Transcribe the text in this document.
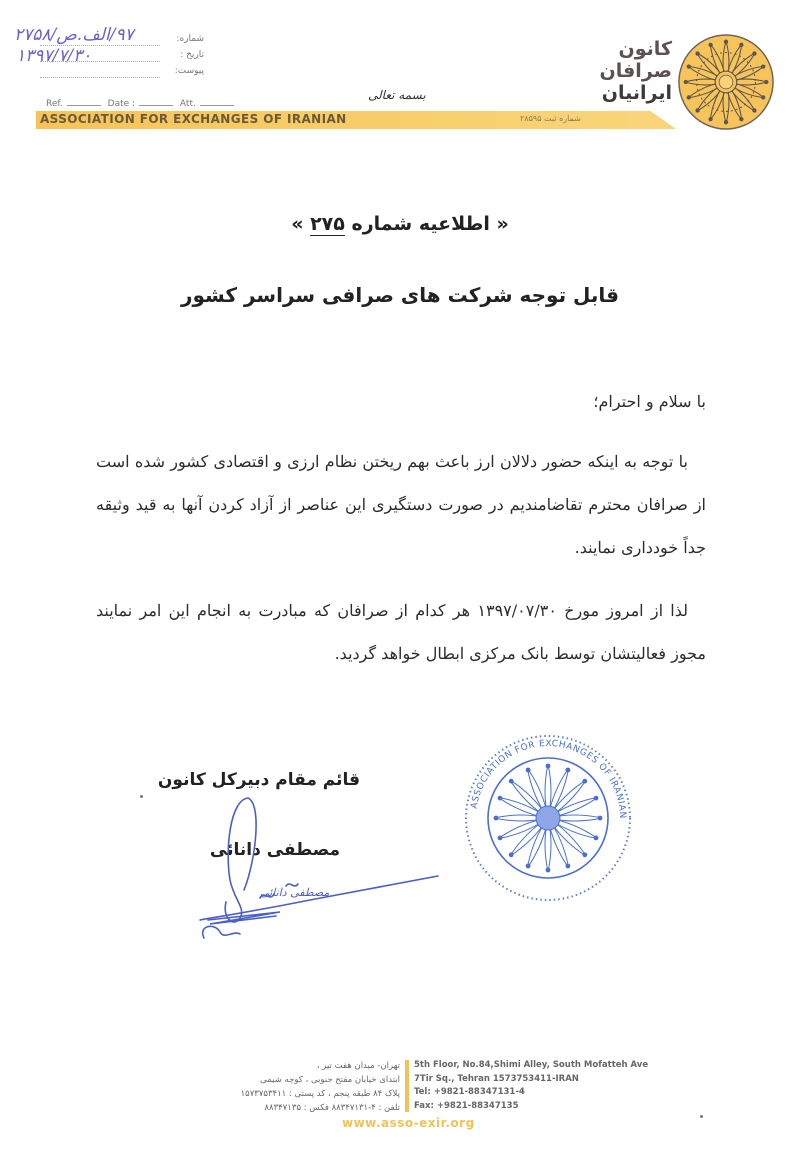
۹۷/الف.ص/۲۷۵۸
۱۳۹۷/۷/۳۰
شماره:
تاریخ :
پیوست:
Ref.	Date :	Att.
ASSOCIATION FOR EXCHANGES OF IRANIAN	شماره ثبت ۲۸۵۹۵
بسمه تعالی
کانون
صرافان
ایرانیان
« اطلاعیه شماره ۲۷۵ »
قابل توجه شرکت های صرافی سراسر کشور
با سلام و احترام؛
با توجه به اینکه حضور دلالان ارز باعث بهم ریختن نظام ارزی و اقتصادی کشور شده است از صرافان محترم تقاضامندیم در صورت دستگیری این عناصر از آزاد کردن آنها به قید وثیقه جداً خودداری نمایند.
لذا از امروز مورخ ۱۳۹۷/۰۷/۳۰ هر کدام از صرافان که مبادرت به انجام این امر نمایند مجوز فعالیتشان توسط بانک مرکزی ابطال خواهد گردید.
قائم مقام دبیرکل کانون
مصطفی دانائی
مصطفی دانائی
ASSOCIATION FOR EXCHANGES OF IRANIAN
تهران- میدان هفت تیر ،
ابتدای خیابان مفتح جنوبی ، کوچه شیمی
پلاک ۸۴ طبقه پنجم ، کد پستی : ۱۵۷۳۷۵۳۴۱۱
تلفن : ۴-۸۸۳۴۷۱۳۱ فکس : ۸۸۳۴۷۱۳۵
5th Floor, No.84,Shimi Alley, South Mofatteh Ave
7Tir Sq., Tehran 1573753411-IRAN
Tel: +9821-88347131-4
Fax: +9821-88347135
www.asso-exir.org
